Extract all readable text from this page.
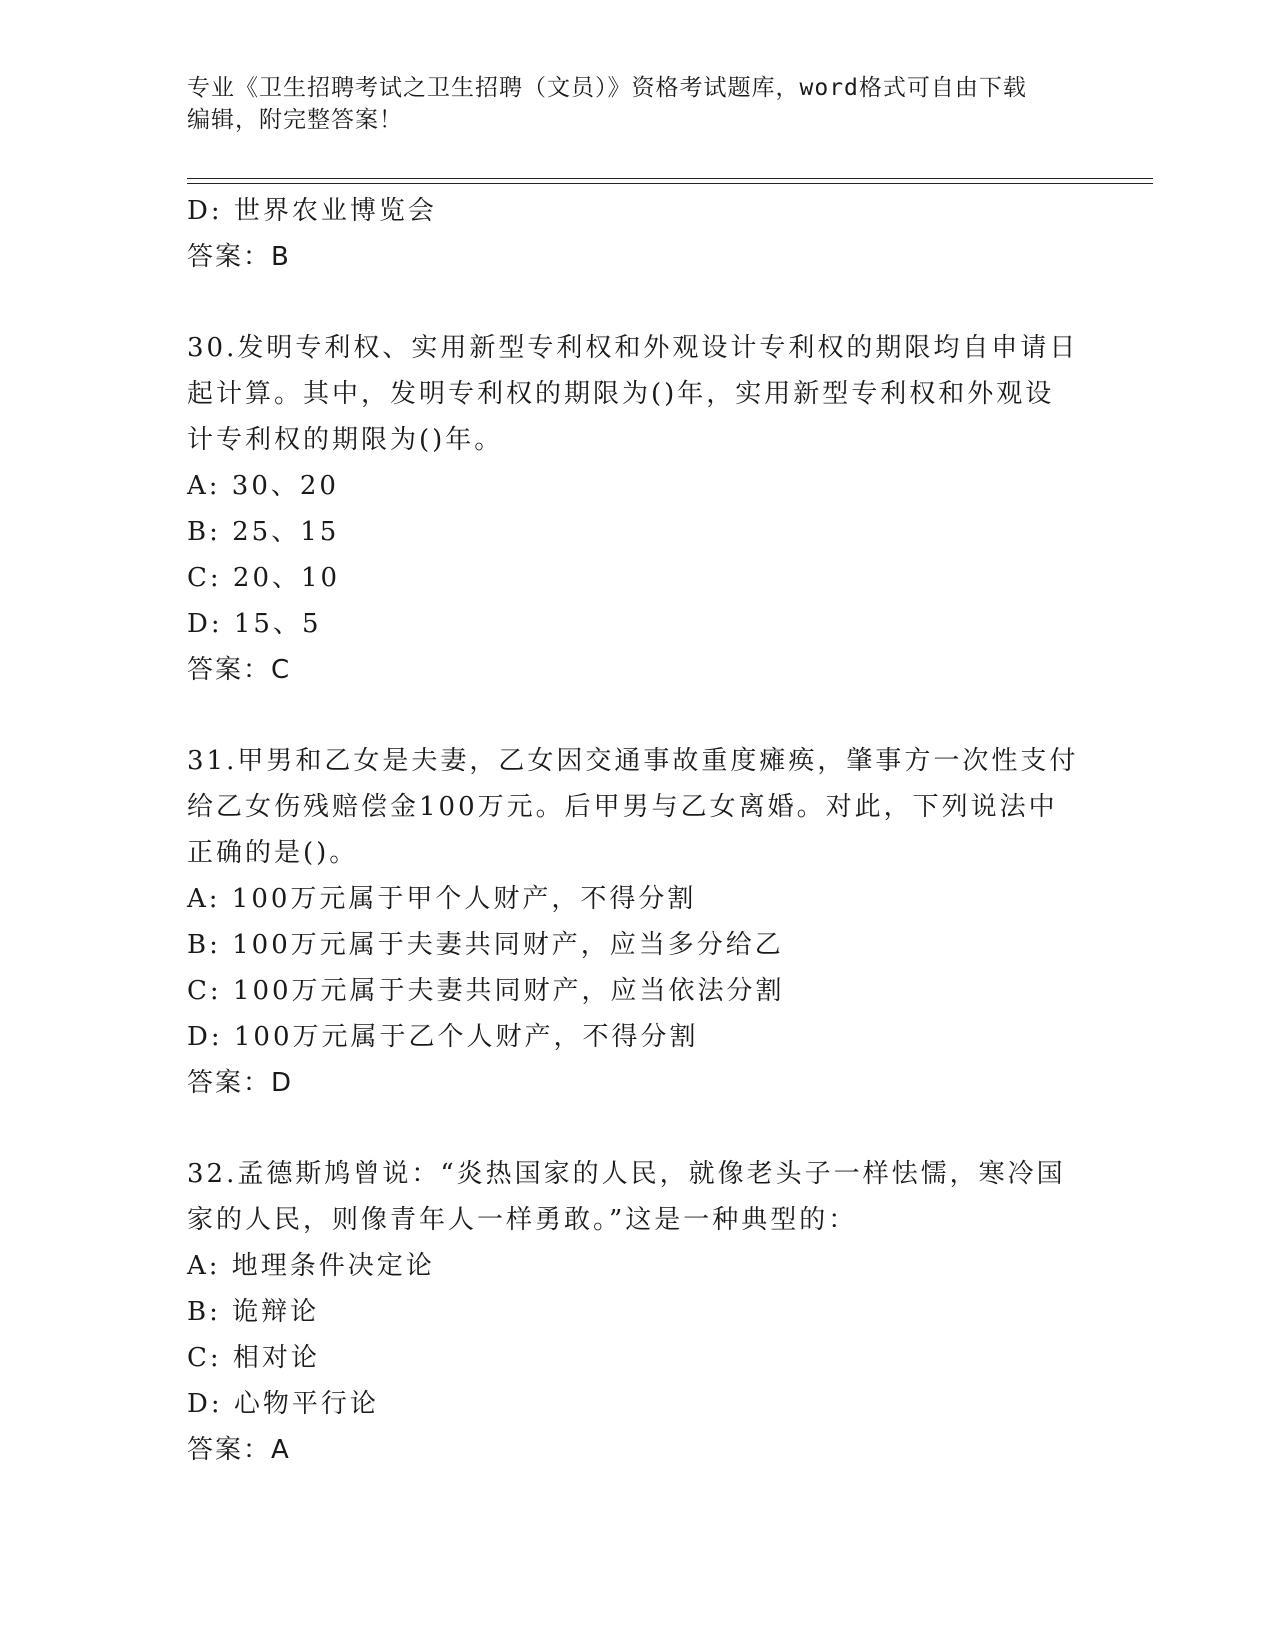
专业《卫生招聘考试之卫生招聘（文员）》资格考试题库，word格式可自由下载
编辑，附完整答案！
D: 世界农业博览会
答案：B
30.发明专利权、实用新型专利权和外观设计专利权的期限均自申请日
起计算。其中，发明专利权的期限为()年，实用新型专利权和外观设
计专利权的期限为()年。
A: 30、20
B: 25、15
C: 20、10
D: 15、5
答案：C
31.甲男和乙女是夫妻，乙女因交通事故重度瘫痪，肇事方一次性支付
给乙女伤残赔偿金100万元。后甲男与乙女离婚。对此，下列说法中
正确的是()。
A: 100万元属于甲个人财产，不得分割
B: 100万元属于夫妻共同财产，应当多分给乙
C: 100万元属于夫妻共同财产，应当依法分割
D: 100万元属于乙个人财产，不得分割
答案：D
32.孟德斯鸠曾说：“炎热国家的人民，就像老头子一样怯懦，寒冷国
家的人民，则像青年人一样勇敢。”这是一种典型的：
A: 地理条件决定论
B: 诡辩论
C: 相对论
D: 心物平行论
答案：A
